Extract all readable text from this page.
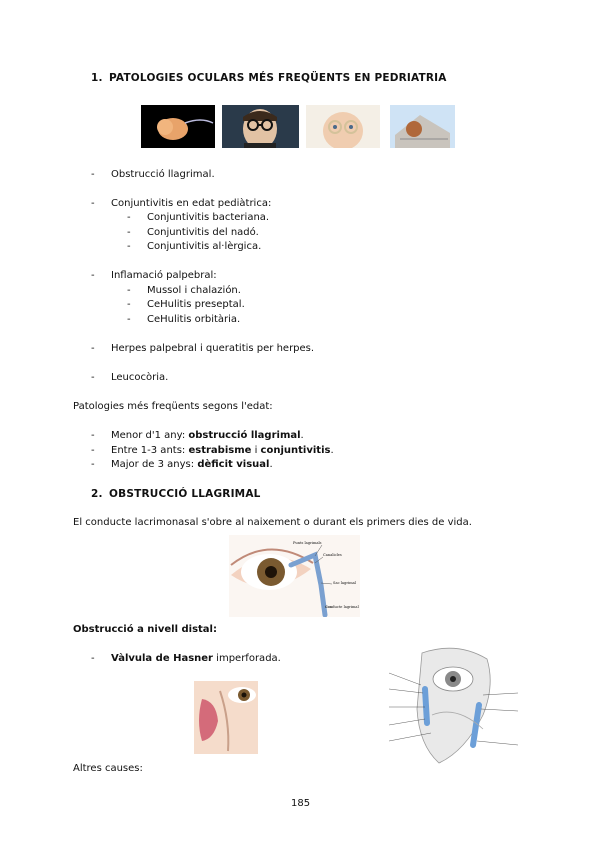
1. PATOLOGIES OCULARS MÉS FREQÜENTS EN PEDRIATRIA
- Obstrucció llagrimal.
- Conjuntivitis en edat pediàtrica:
- Conjuntivitis bacteriana.
- Conjuntivitis del nadó.
- Conjuntivitis al·lèrgica.
- Inflamació palpebral:
- Mussol i chalazión.
- CeHulitis preseptal.
- CeHulitis orbitària.
- Herpes palpebral i queratitis per herpes.
- Leucocòria.
Patologies més freqüents segons l'edat:
- Menor d'1 any: obstrucció llagrimal.
- Entre 1-3 ants: estrabisme i conjuntivitis.
- Major de 3 anys: dèficit visual.
2. OBSTRUCCIÓ LLAGRIMAL
El conducte lacrimonasal s'obre al naixement o durant els primers dies de vida.
Punts lagrimals
Canalicles
Sac lagrimal
Conducte lagrimal
Obstrucció a nivell distal:
- Vàlvula de Hasner imperforada.
Altres causes:
185
